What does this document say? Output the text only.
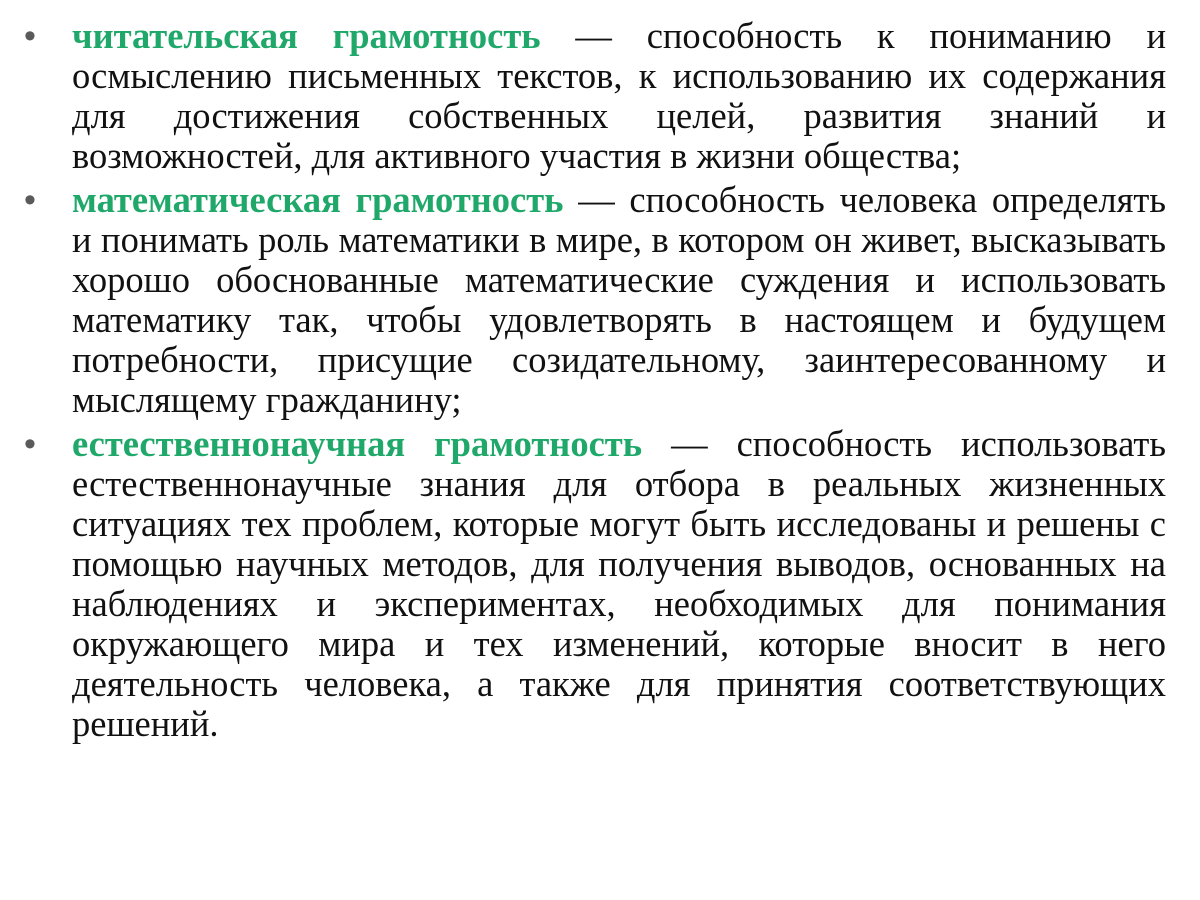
• читательская грамотность — способность к пониманию и осмыслению письменных текстов, к использованию их содержания для достижения собственных целей, развития знаний и возможностей, для активного участия в жизни общества;
• математическая грамотность — способность человека определять и понимать роль математики в мире, в котором он живет, высказывать хорошо обоснованные математические суждения и использовать математику так, чтобы удовлетворять в настоящем и будущем потребности, присущие созидательному, заинтересованному и мыслящему гражданину;
• естественнонаучная грамотность — способность использовать естественнонаучные знания для отбора в реальных жизненных ситуациях тех проблем, которые могут быть исследованы и решены с помощью научных методов, для получения выводов, основанных на наблюдениях и экспериментах, необходимых для понимания окружающего мира и тех изменений, которые вносит в него деятельность человека, а также для принятия соответствующих решений.
